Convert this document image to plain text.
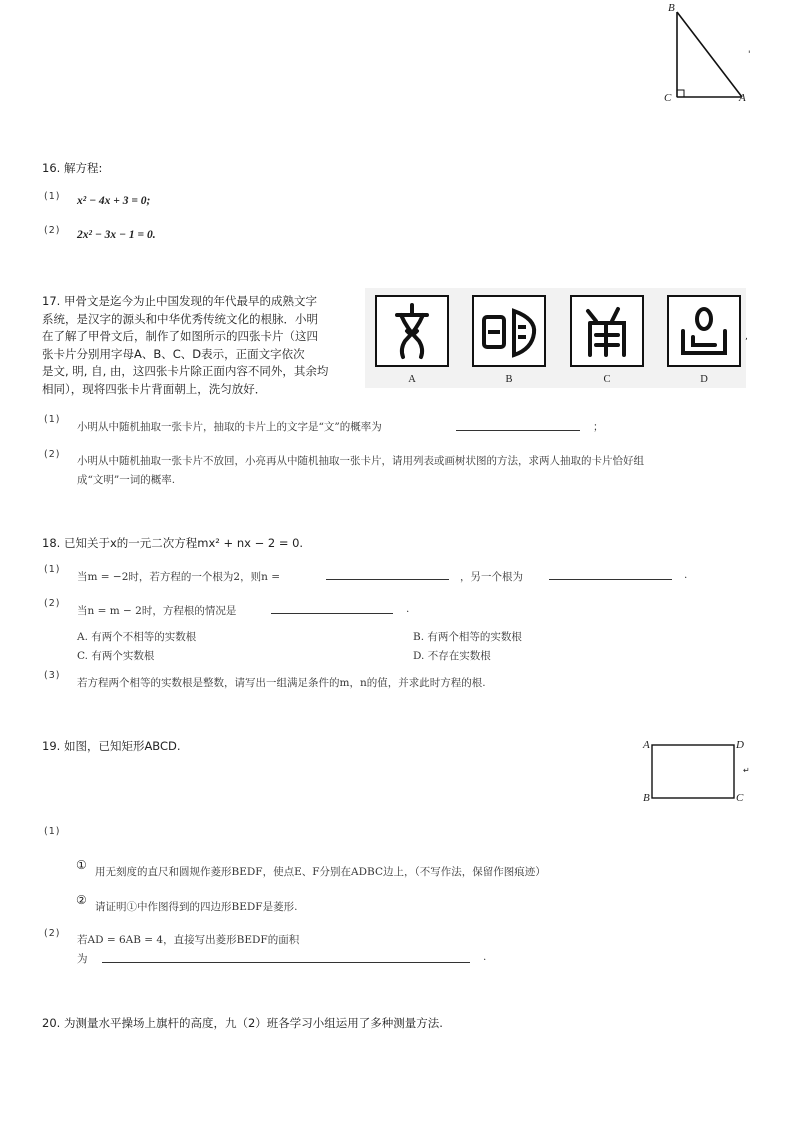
B
C	A
'
16. 解方程:
(1) x² − 4x + 3 = 0;
(2) 2x² − 3x − 1 = 0.
17. 甲骨文是迄今为止中国发现的年代最早的成熟文字
系统，是汉字的源头和中华优秀传统文化的根脉．小明
在了解了甲骨文后，制作了如图所示的四张卡片（这四
张卡片分别用字母A、B、C、D表示，正面文字依次
是文, 明, 自, 由，这四张卡片除正面内容不同外，其余均
相同），现将四张卡片背面朝上，洗匀放好．
,
A	B	C	D
(1)
小明从中随机抽取一张卡片，抽取的卡片上的文字是“文”的概率为	；
(2)
小明从中随机抽取一张卡片不放回，小亮再从中随机抽取一张卡片，请用列表或画树状图的方法，求两人抽取的卡片恰好组
成“文明”一词的概率.
18. 已知关于x的一元二次方程mx² + nx − 2 = 0.
(1)
当m = −2时，若方程的一个根为2，则n =	，另一个根为	.
(2)
当n = m − 2时，方程根的情况是	.
A. 有两个不相等的实数根	B. 有两个相等的实数根
C. 有两个实数根	D. 不存在实数根
(3)
若方程两个相等的实数根是整数，请写出一组满足条件的m，n的值，并求此时方程的根.
19. 如图，已知矩形ABCD.	A	D
B	C
↵
(1)
① 用无刻度的直尺和圆规作菱形BEDF，使点E、F分别在ADBC边上，（不写作法，保留作图痕迹）
② 请证明①中作图得到的四边形BEDF是菱形.
(2)
若AD = 6AB = 4，直接写出菱形BEDF的面积
为	.
20. 为测量水平操场上旗杆的高度，九（2）班各学习小组运用了多种测量方法.
